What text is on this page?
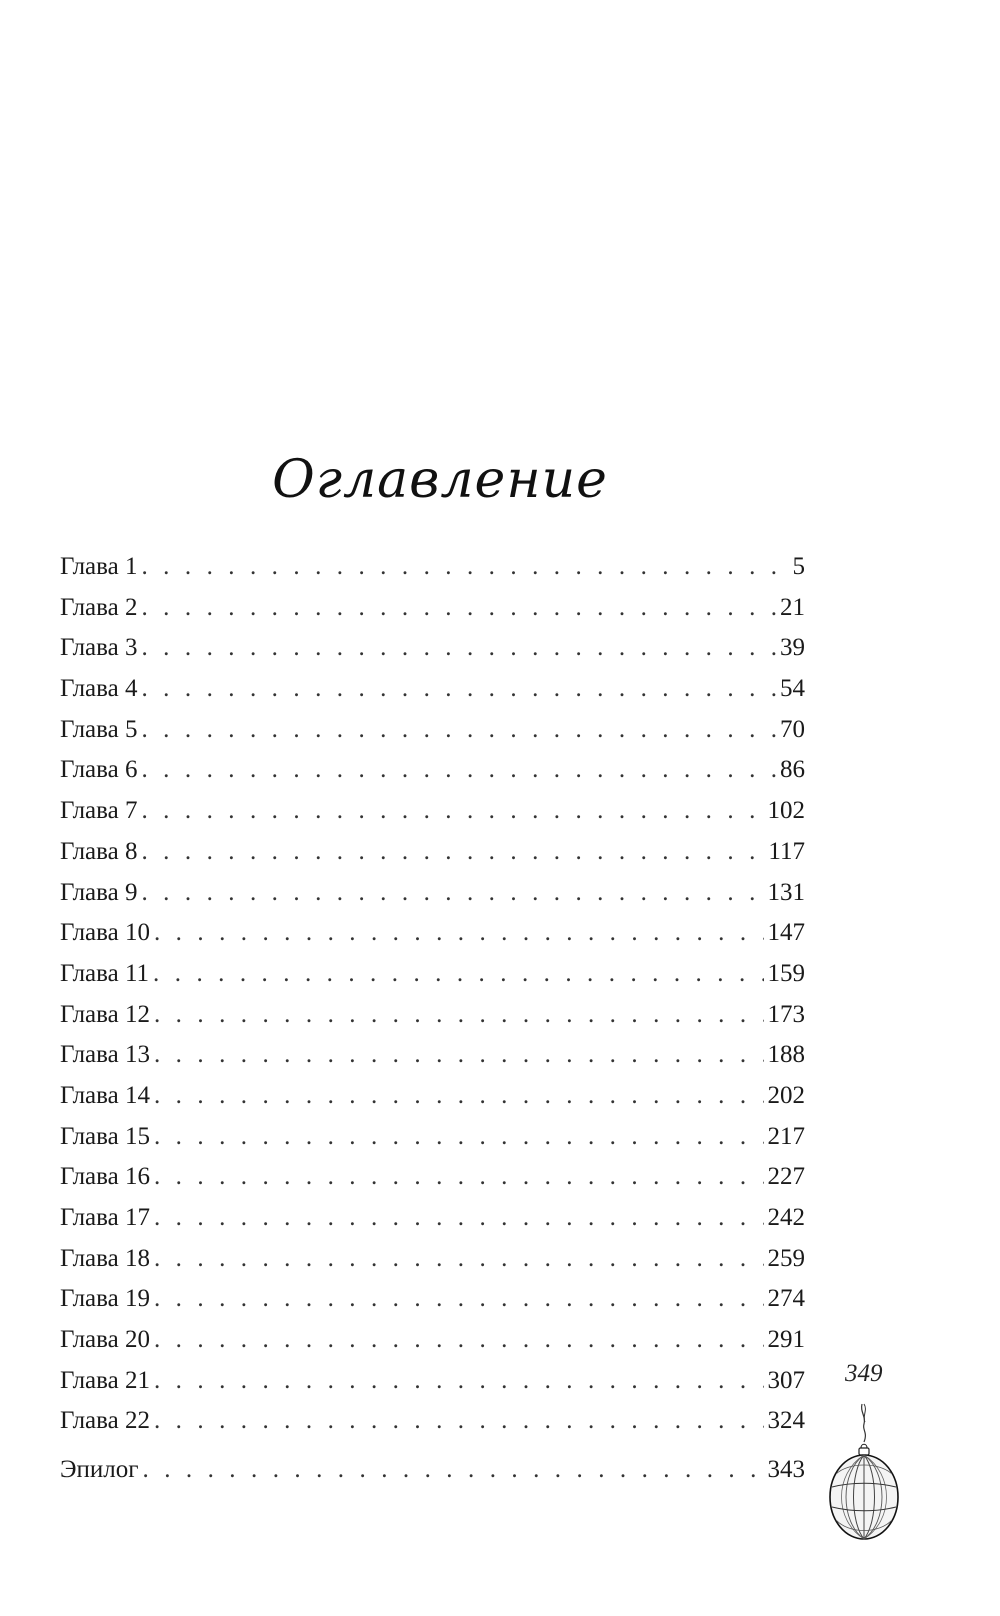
Оглавление
Глава 1 . . .	5
Глава 2 . . .	21
Глава 3 . . .	39
Глава 4 . . .	54
Глава 5 . . .	70
Глава 6 . . .	86
Глава 7 . . .	102
Глава 8 . . .	117
Глава 9 . . .	131
Глава 10 . . .	147
Глава 11 . . .	159
Глава 12 . . .	173
Глава 13 . . .	188
Глава 14 . . .	202
Глава 15 . . .	217
Глава 16 . . .	227
Глава 17 . . .	242
Глава 18 . . .	259
Глава 19 . . .	274
Глава 20 . . .	291
Глава 21 . . .	307
Глава 22 . . .	324
Эпилог . . .	343
349
